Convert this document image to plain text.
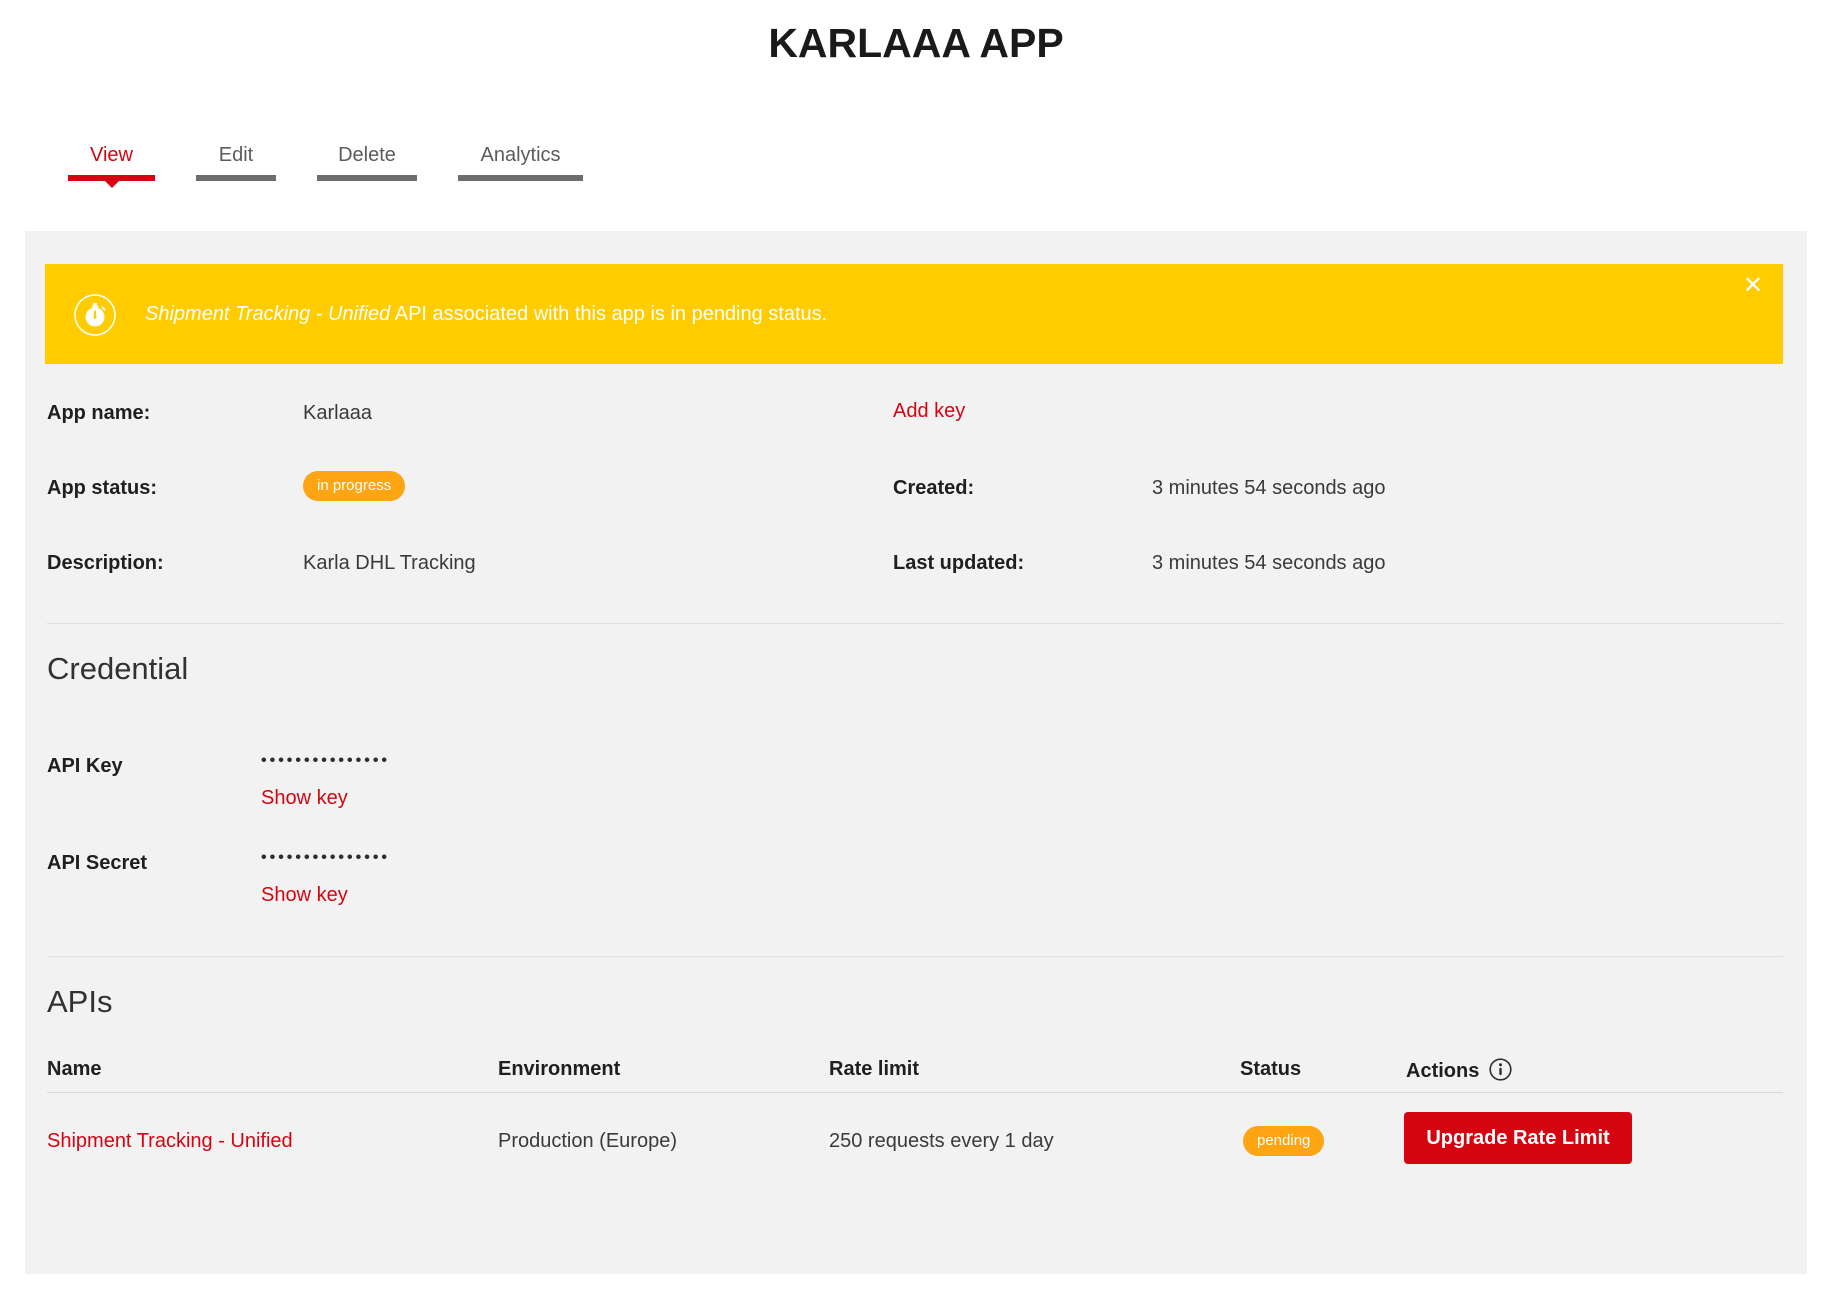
KARLAAA APP
View	Edit	Delete	Analytics
Shipment Tracking - Unified API associated with this app is in pending status.
✕
App name:	Karlaaa
App status:	in progress
Description:	Karla DHL Tracking
Add key
Created:	3 minutes 54 seconds ago
Last updated:	3 minutes 54 seconds ago
Credential
API Key	•••••••••••••••
Show key
API Secret	•••••••••••••••
Show key
APIs
Name	Environment	Rate limit	Status	Actions
Shipment Tracking - Unified	Production (Europe)	250 requests every 1 day	pending	Upgrade Rate Limit
